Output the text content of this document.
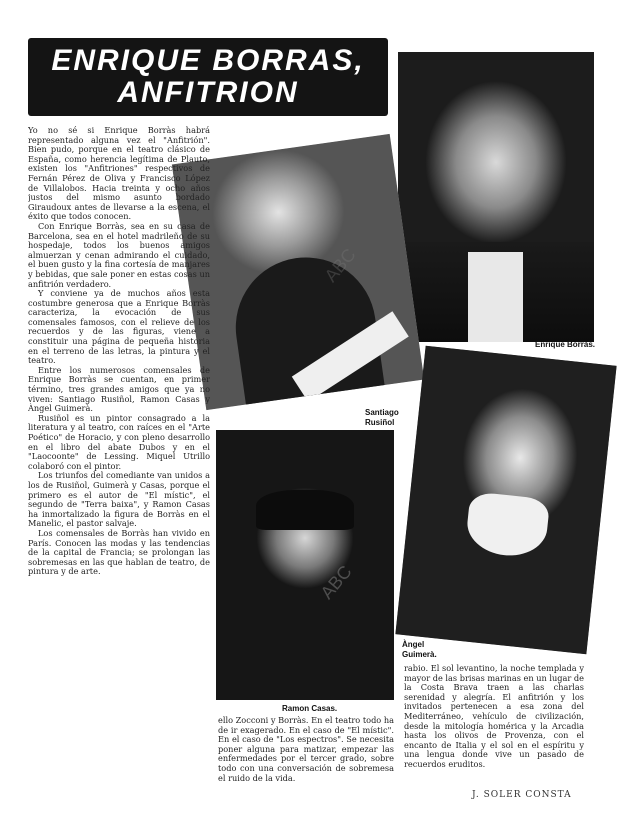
ENRIQUE BORRAS,
ANFITRION
Enrique Borràs.
Santiago Rusiñol
Ramon Casas.
Àngel Guimerà.
ABC
ABC

Yo no sé si Enrique Borràs habrá representado alguna vez el "Anfitrión". Bien pudo, porque en el teatro clásico de España, como herencia legítima de Plauto, existen los "Anfitriones" respectivos de Fernán Pérez de Oliva y Francisco López de Villalobos. Hacia treinta y ocho años justos del mismo asunto bordado Giraudoux antes de llevarse a la escena, el éxito que todos conocen.

Con Enrique Borràs, sea en su casa de Barcelona, sea en el hotel madrileño de su hospedaje, todos los buenos amigos almuerzan y cenan admirando el cuidado, el buen gusto y la fina cortesía de manjares y bebidas, que sale poner en estas cosas un anfitrión verdadero.

Y conviene ya de muchos años esta costumbre generosa que a Enrique Borràs caracteriza, la evocación de sus comensales famosos, con el relieve de los recuerdos y de las figuras, viene a constituir una página de pequeña historia en el terreno de las letras, la pintura y el teatro.

Entre los numerosos comensales de Enrique Borràs se cuentan, en primer término, tres grandes amigos que ya no viven: Santiago Rusiñol, Ramon Casas y Àngel Guimerà.

Rusiñol es un pintor consagrado a la literatura y al teatro, con raíces en el "Arte Poético" de Horacio, y con pleno desarrollo en el libro del abate Dubos y en el "Laocoonte" de Lessing. Miquel Utrillo colaboró con el pintor.

Los triunfos del comediante van unidos a los de Rusiñol, Guimerà y Casas, porque el primero es el autor de "El místic", el segundo de "Terra baixa", y Ramon Casas ha inmortalizado la figura de Borràs en el Manelic, el pastor salvaje.

Los comensales de Borràs han vivido en París. Conocen las modas y las tendencias de la capital de Francia; se prolongan las sobremesas en las que hablan de teatro, de pintura y de arte.

ello Zocconi y Borràs. En el teatro todo ha de ir exagerado. En el caso de "El místic". En el caso de "Los espectros". Se necesita poner alguna para matizar, empezar las enfermedades por el tercer grado, sobre todo con una conversación de sobremesa el ruido de la vida.

rabio. El sol levantino, la noche templada y mayor de las brisas marinas en un lugar de la Costa Brava traen a las charlas serenidad y alegría. El anfitrión y los invitados pertenecen a esa zona del Mediterráneo, vehículo de civilización, desde la mitología homérica y la Arcadia hasta los olivos de Provenza, con el encanto de Italia y el sol en el espíritu y una lengua donde vive un pasado de recuerdos eruditos.

J. SOLER CONSTA
